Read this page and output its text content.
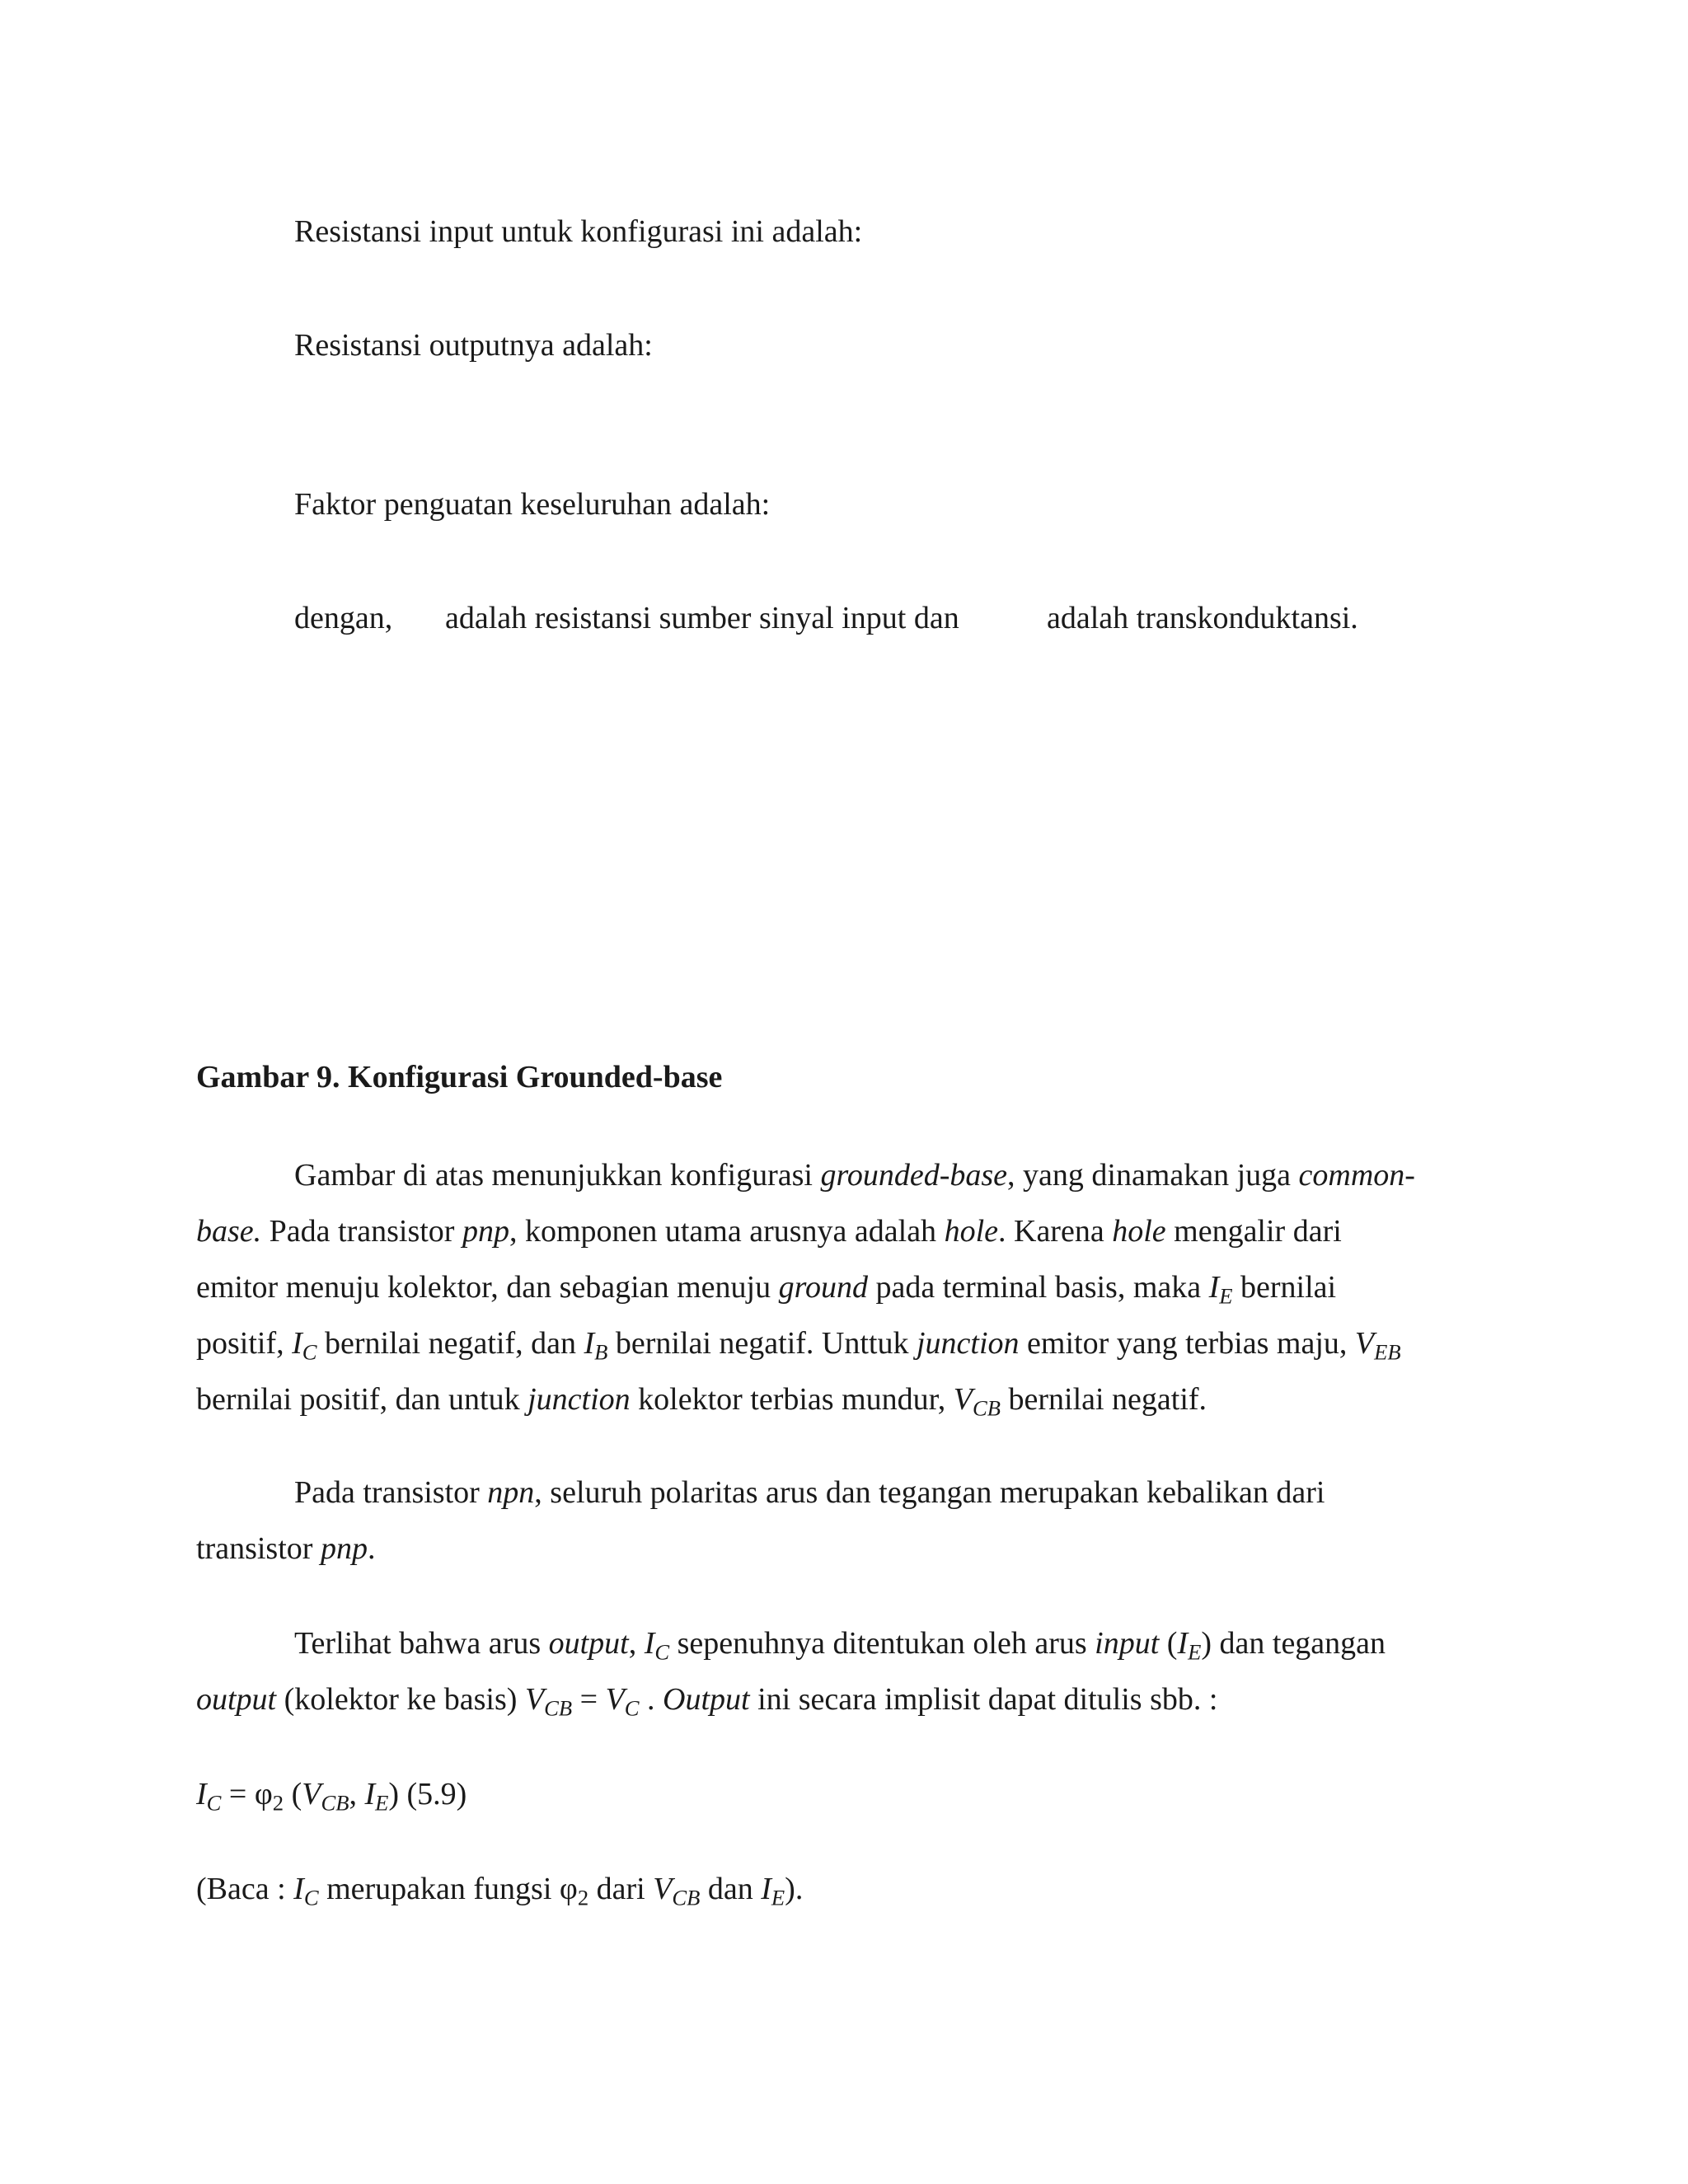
Resistansi input untuk konfigurasi ini adalah:
Resistansi outputnya adalah:
Faktor penguatan keseluruhan adalah:
dengan, adalah resistansi sumber sinyal input dan	adalah transkonduktansi.
Gambar 9. Konfigurasi Grounded-base
Gambar di atas menunjukkan konfigurasi grounded-base, yang dinamakan juga common-
base. Pada transistor pnp, komponen utama arusnya adalah hole. Karena hole mengalir dari
emitor menuju kolektor, dan sebagian menuju ground pada terminal basis, maka $I_E$ bernilai
positif, $I_C$ bernilai negatif, dan $I_B$ bernilai negatif. Unttuk junction emitor yang terbias maju, $V_{EB}$
bernilai positif, dan untuk junction kolektor terbias mundur, $V_{CB}$ bernilai negatif.
Pada transistor npn, seluruh polaritas arus dan tegangan merupakan kebalikan dari
transistor pnp.
Terlihat bahwa arus output, $I_C$ sepenuhnya ditentukan oleh arus input $(I_E)$ dan tegangan
output (kolektor ke basis) $V_{CB} = V_C$ . Output ini secara implisit dapat ditulis sbb. :
$I_C = \varphi_2$ ($V_{CB}$, $I_E$) (5.9)
(Baca : $I_C$ merupakan fungsi $\varphi_2$ dari $V_{CB}$ dan $I_E$).
